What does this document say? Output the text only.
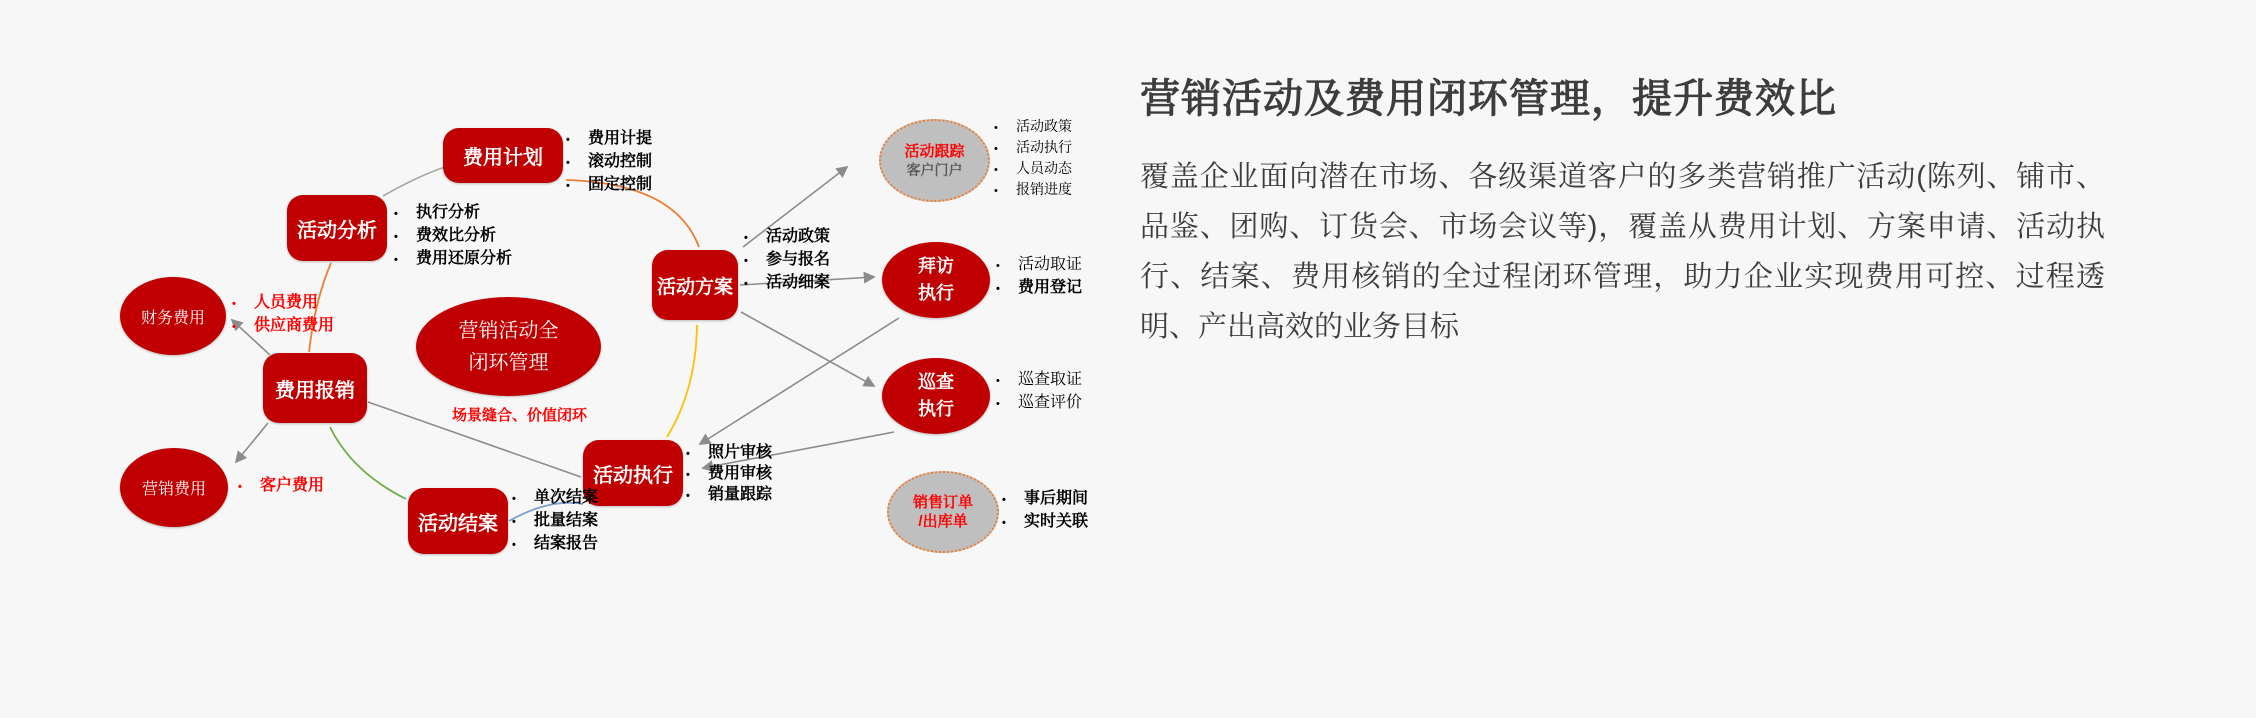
费用计划
活动分析
费用报销
活动方案
活动执行
活动结案
营销活动全
闭环管理
场景缝合、价值闭环
财务费用
营销费用
拜访
执行
巡查
执行
活动跟踪
客户门户
销售订单
/出库单
•	费用计提
•	滚动控制
•	固定控制
•	执行分析
•	费效比分析
•	费用还原分析
•	人员费用
•	供应商费用
•	客户费用
•	活动政策
•	参与报名
•	活动细案
•	照片审核
•	费用审核
•	销量跟踪
•	单次结案
•	批量结案
•	结案报告
•	活动政策
•	活动执行
•	人员动态
•	报销进度
•	活动取证
•	费用登记
•	巡查取证
•	巡查评价
•	事后期间
•	实时关联
营销活动及费用闭环管理，提升费效比
覆盖企业面向潜在市场、各级渠道客户的多类营销推广活动(陈列、铺市、品鉴、团购、订货会、市场会议等)，覆盖从费用计划、方案申请、活动执行、结案、费用核销的全过程闭环管理，助力企业实现费用可控、过程透明、产出高效的业务目标
